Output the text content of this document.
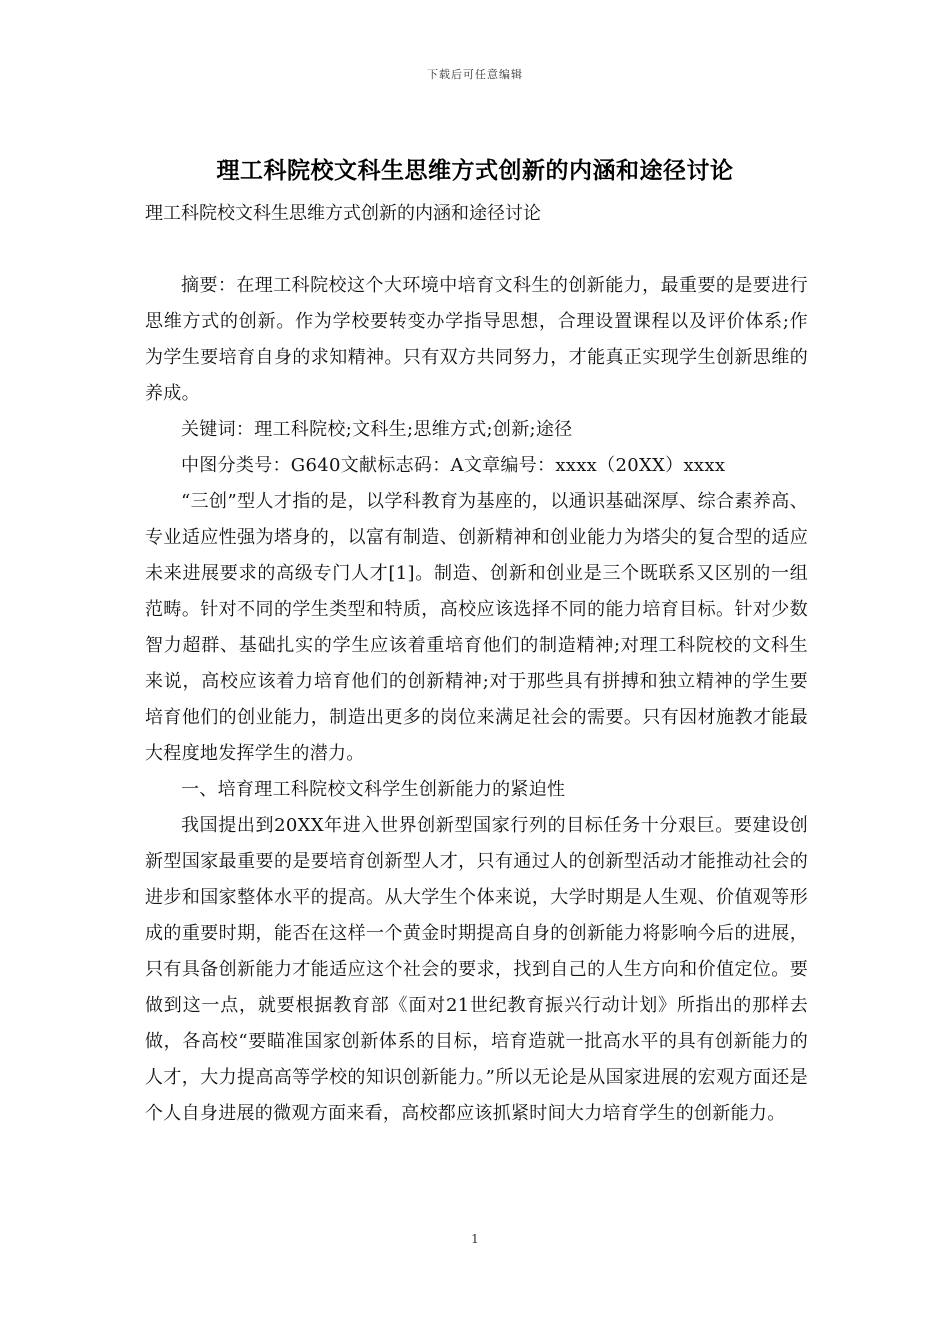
下载后可任意编辑
理工科院校文科生思维方式创新的内涵和途径讨论

理工科院校文科生思维方式创新的内涵和途径讨论

摘要：在理工科院校这个大环境中培育文科生的创新能力，最重要的是要进行思维方式的创新。作为学校要转变办学指导思想，合理设置课程以及评价体系;作为学生要培育自身的求知精神。只有双方共同努力，才能真正实现学生创新思维的养成。

关键词：理工科院校;文科生;思维方式;创新;途径

中图分类号：G640文献标志码：A文章编号：xxxx（20XX）xxxx

“三创”型人才指的是，以学科教育为基座的，以通识基础深厚、综合素养高、专业适应性强为塔身的，以富有制造、创新精神和创业能力为塔尖的复合型的适应未来进展要求的高级专门人才[1]。制造、创新和创业是三个既联系又区别的一组范畴。针对不同的学生类型和特质，高校应该选择不同的能力培育目标。针对少数智力超群、基础扎实的学生应该着重培育他们的制造精神;对理工科院校的文科生来说，高校应该着力培育他们的创新精神;对于那些具有拼搏和独立精神的学生要培育他们的创业能力，制造出更多的岗位来满足社会的需要。只有因材施教才能最大程度地发挥学生的潜力。

一、培育理工科院校文科学生创新能力的紧迫性

我国提出到20XX年进入世界创新型国家行列的目标任务十分艰巨。要建设创新型国家最重要的是要培育创新型人才，只有通过人的创新型活动才能推动社会的进步和国家整体水平的提高。从大学生个体来说，大学时期是人生观、价值观等形成的重要时期，能否在这样一个黄金时期提高自身的创新能力将影响今后的进展，只有具备创新能力才能适应这个社会的要求，找到自己的人生方向和价值定位。要做到这一点，就要根据教育部《面对21世纪教育振兴行动计划》所指出的那样去做，各高校“要瞄准国家创新体系的目标，培育造就一批高水平的具有创新能力的人才，大力提高高等学校的知识创新能力。”所以无论是从国家进展的宏观方面还是个人自身进展的微观方面来看，高校都应该抓紧时间大力培育学生的创新能力。

1
